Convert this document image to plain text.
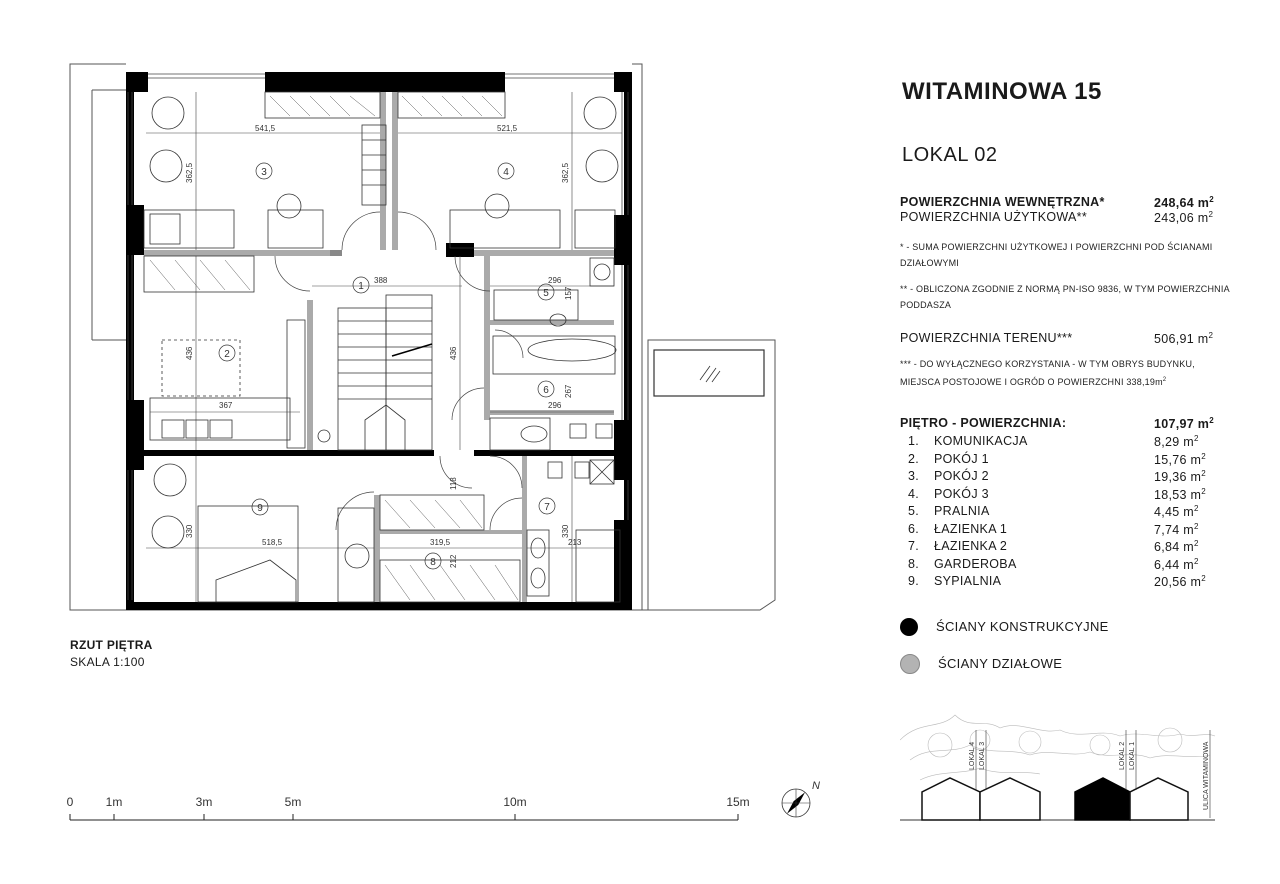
1
2
3	4
5
6
7
8
9
541,5	521,5
362,5	362,5
388	296
157
436	436
367	296
267
118
330
518,5	319,5
212
330
213
0	1m	3m	5m	10m	15m
N
RZUT PIĘTRA
SKALA 1:100
WITAMINOWA 15
LOKAL 02
POWIERZCHNIA WEWNĘTRZNA*	248,64 $m^2$
POWIERZCHNIA UŻYTKOWA**	243,06 $m^2$
* - SUMA POWIERZCHNI UŻYTKOWEJ I POWIERZCHNI POD ŚCIANAMI DZIAŁOWYMI
** - OBLICZONA ZGODNIE Z NORMĄ PN-ISO 9836, W TYM POWIERZCHNIA PODDASZA
POWIERZCHNIA TERENU***	506,91 $m^2$
*** - DO WYŁĄCZNEGO KORZYSTANIA - W TYM OBRYS BUDYNKU, MIEJSCA POSTOJOWE I OGRÓD O POWIERZCHNI $338,19m^2$
PIĘTRO - POWIERZCHNIA:	107,97 $m^2$
1. KOMUNIKACJA	8,29 $m^2$
2. POKÓJ 1	15,76 $m^2$
3. POKÓJ 2	19,36 $m^2$
4. POKÓJ 3	18,53 $m^2$
5. PRALNIA	4,45 $m^2$
6. ŁAZIENKA 1	7,74 $m^2$
7. ŁAZIENKA 2	6,84 $m^2$
8. GARDEROBA	6,44 $m^2$
9. SYPIALNIA	20,56 $m^2$
ŚCIANY KONSTRUKCYJNE
ŚCIANY DZIAŁOWE
LOKAL 4 LOKAL 3	LOKAL 2 LOKAL 1	ULICA WITAMINOWA
